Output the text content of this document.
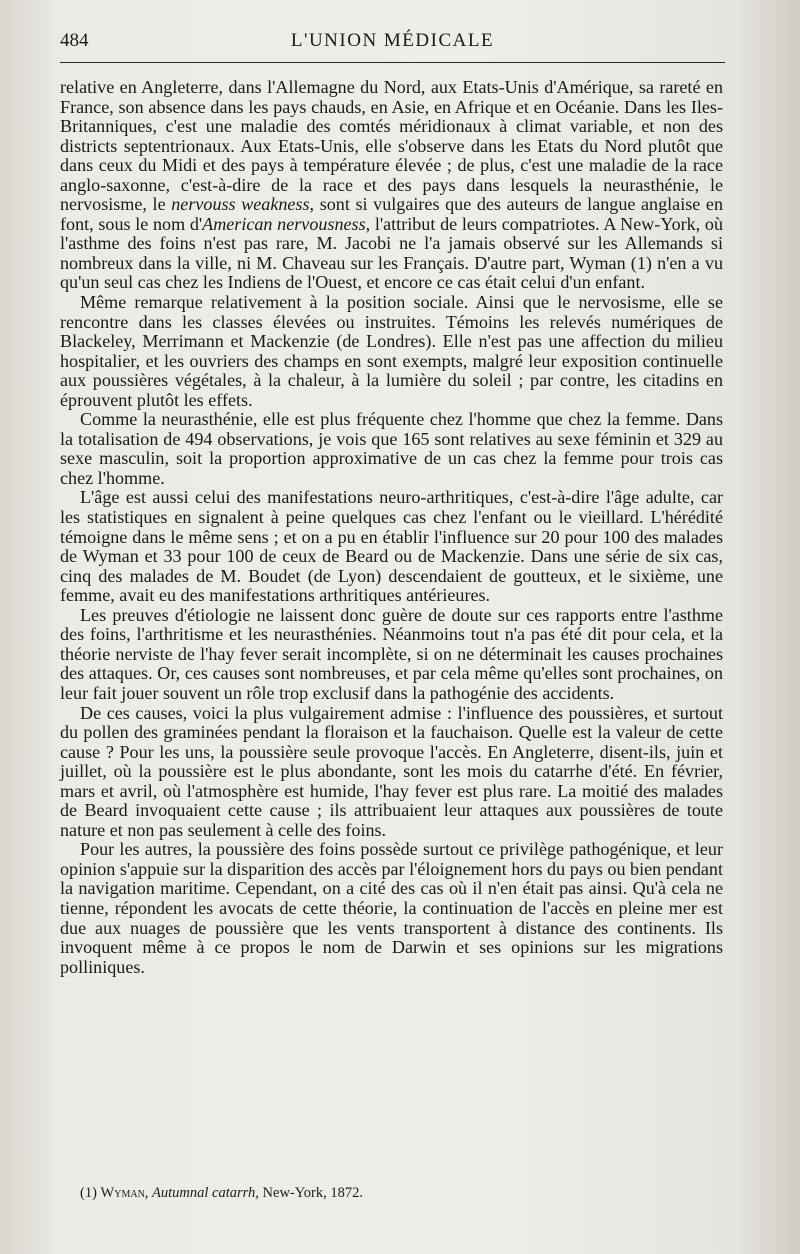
484	L'UNION MÉDICALE

relative en Angleterre, dans l'Allemagne du Nord, aux Etats-Unis d'Amérique, sa rareté en France, son absence dans les pays chauds, en Asie, en Afrique et en Océanie. Dans les Iles-Britanniques, c'est une maladie des comtés méridionaux à climat variable, et non des districts septentrionaux. Aux Etats-Unis, elle s'observe dans les Etats du Nord plutôt que dans ceux du Midi et des pays à température élevée ; de plus, c'est une maladie de la race anglo-saxonne, c'est-à-dire de la race et des pays dans lesquels la neurasthénie, le nervosisme, le nervouss weakness, sont si vulgaires que des auteurs de langue anglaise en font, sous le nom d'American nervousness, l'attribut de leurs compatriotes. A New-York, où l'asthme des foins n'est pas rare, M. Jacobi ne l'a jamais observé sur les Allemands si nombreux dans la ville, ni M. Chaveau sur les Français. D'autre part, Wyman (1) n'en a vu qu'un seul cas chez les Indiens de l'Ouest, et encore ce cas était celui d'un enfant.

Même remarque relativement à la position sociale. Ainsi que le nervosisme, elle se rencontre dans les classes élevées ou instruites. Témoins les relevés numériques de Blackeley, Merrimann et Mackenzie (de Londres). Elle n'est pas une affection du milieu hospitalier, et les ouvriers des champs en sont exempts, malgré leur exposition continuelle aux poussières végétales, à la chaleur, à la lumière du soleil ; par contre, les citadins en éprouvent plutôt les effets.

Comme la neurasthénie, elle est plus fréquente chez l'homme que chez la femme. Dans la totalisation de 494 observations, je vois que 165 sont relatives au sexe féminin et 329 au sexe masculin, soit la proportion approximative de un cas chez la femme pour trois cas chez l'homme.

L'âge est aussi celui des manifestations neuro-arthritiques, c'est-à-dire l'âge adulte, car les statistiques en signalent à peine quelques cas chez l'enfant ou le vieillard. L'hérédité témoigne dans le même sens ; et on a pu en établir l'influence sur 20 pour 100 des malades de Wyman et 33 pour 100 de ceux de Beard ou de Mackenzie. Dans une série de six cas, cinq des malades de M. Boudet (de Lyon) descendaient de goutteux, et le sixième, une femme, avait eu des manifestations arthritiques antérieures.

Les preuves d'étiologie ne laissent donc guère de doute sur ces rapports entre l'asthme des foins, l'arthritisme et les neurasthénies. Néanmoins tout n'a pas été dit pour cela, et la théorie nerviste de l'hay fever serait incomplète, si on ne déterminait les causes prochaines des attaques. Or, ces causes sont nombreuses, et par cela même qu'elles sont prochaines, on leur fait jouer souvent un rôle trop exclusif dans la pathogénie des accidents.

De ces causes, voici la plus vulgairement admise : l'influence des poussières, et surtout du pollen des graminées pendant la floraison et la fauchaison. Quelle est la valeur de cette cause ? Pour les uns, la poussière seule provoque l'accès. En Angleterre, disent-ils, juin et juillet, où la poussière est le plus abondante, sont les mois du catarrhe d'été. En février, mars et avril, où l'atmosphère est humide, l'hay fever est plus rare. La moitié des malades de Beard invoquaient cette cause ; ils attribuaient leur attaques aux poussières de toute nature et non pas seulement à celle des foins.

Pour les autres, la poussière des foins possède surtout ce privilège pathogénique, et leur opinion s'appuie sur la disparition des accès par l'éloignement hors du pays ou bien pendant la navigation maritime. Cependant, on a cité des cas où il n'en était pas ainsi. Qu'à cela ne tienne, répondent les avocats de cette théorie, la continuation de l'accès en pleine mer est due aux nuages de poussière que les vents transportent à distance des continents. Ils invoquent même à ce propos le nom de Darwin et ses opinions sur les migrations polliniques.

(1) Wyman, Autumnal catarrh, New-York, 1872.
